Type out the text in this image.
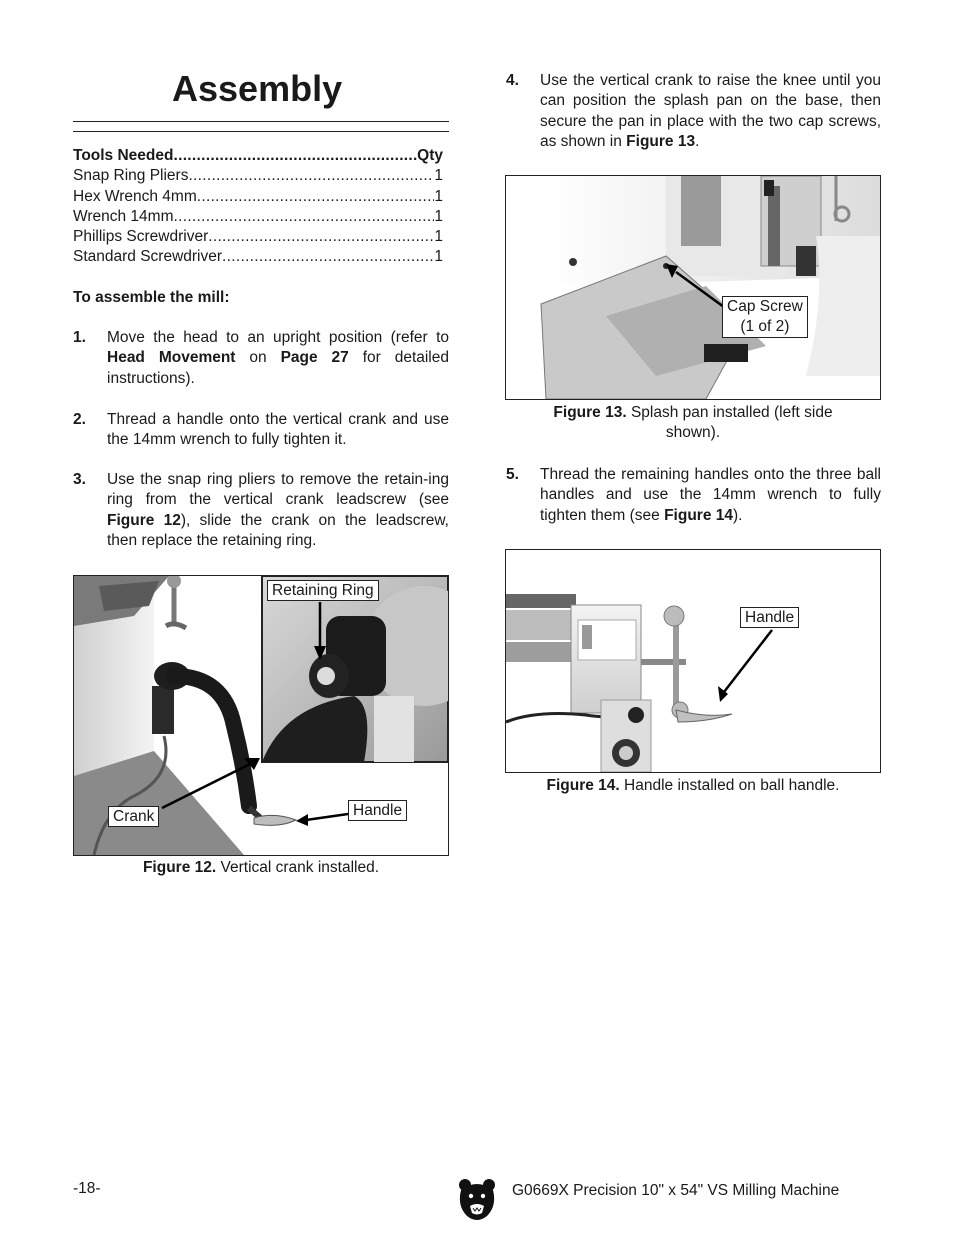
Assembly
Tools Needed .....	Qty
Snap Ring Pliers .....	1
Hex Wrench 4mm .....	1
Wrench 14mm .....	1
Phillips Screwdriver .....	1
Standard Screwdriver .....	1
To assemble the mill:
1.	Move the head to an upright position (refer to Head Movement on Page 27 for detailed instructions).
2.	Thread a handle onto the vertical crank and use the 14mm wrench to fully tighten it.
3.	Use the snap ring pliers to remove the retain-ing ring from the vertical crank leadscrew (see Figure 12), slide the crank on the leadscrew, then replace the retaining ring.
Retaining Ring
Crank	Handle
Figure 12. Vertical crank installed.
4.	Use the vertical crank to raise the knee until you can position the splash pan on the base, then secure the pan in place with the two cap screws, as shown in Figure 13.
Cap Screw
(1 of 2)
Figure 13. Splash pan installed (left side
shown).
5.	Thread the remaining handles onto the three ball handles and use the 14mm wrench to fully tighten them (see Figure 14).
Handle
Figure 14. Handle installed on ball handle.
-18-	G0669X Precision 10" x 54" VS Milling Machine
